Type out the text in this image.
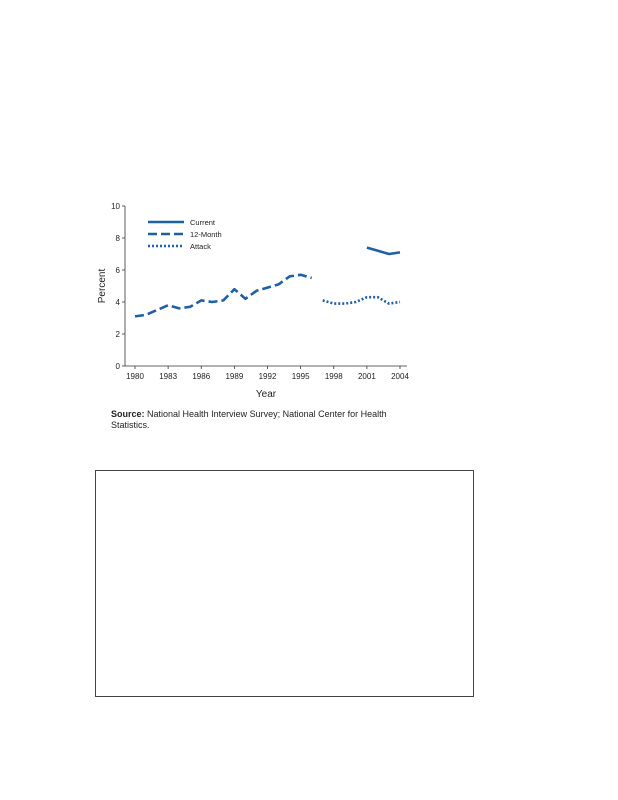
0
2
4
6
8
10
1980 1983 1986 1989 1992 1995 1998 2001 2004
Percent
Year
Current
12-Month
Attack
Source: National Health Interview Survey; National Center for Health Statistics.
